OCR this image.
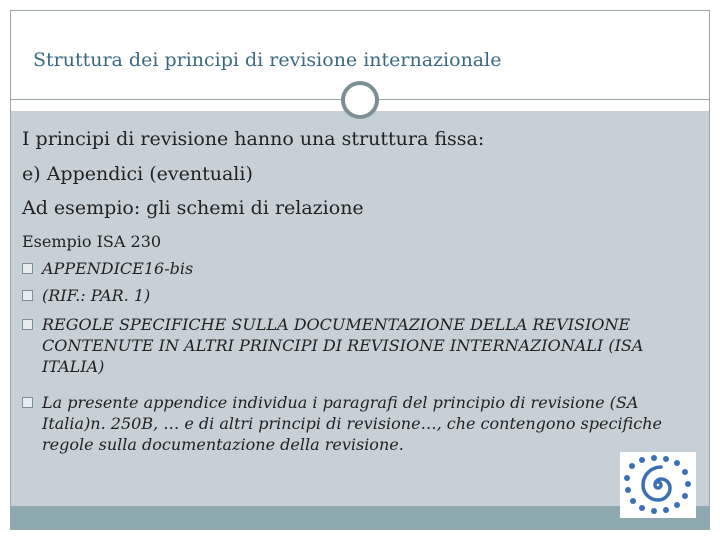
Struttura dei principi di revisione internazionale
I principi di revisione hanno una struttura fissa:
e) Appendici (eventuali)
Ad esempio: gli schemi di relazione
Esempio ISA 230
APPENDICE16-bis
(RIF.: PAR. 1)
REGOLE SPECIFICHE SULLA DOCUMENTAZIONE DELLA REVISIONE CONTENUTE IN ALTRI PRINCIPI DI REVISIONE INTERNAZIONALI (ISA ITALIA)
La presente appendice individua i paragrafi del principio di revisione (SA Italia)n. 250B, … e di altri principi di revisione…, che contengono specifiche regole sulla documentazione della revisione.
